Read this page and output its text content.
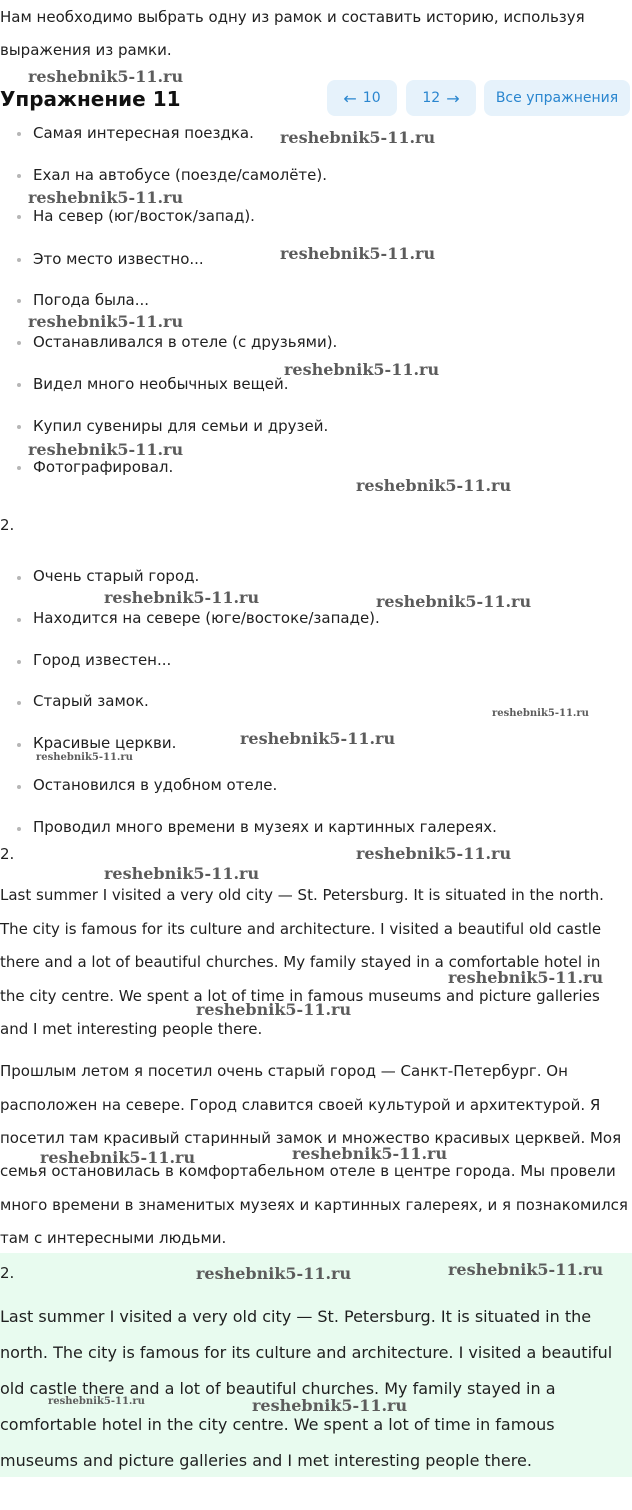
Нам необходимо выбрать одну из рамок и составить историю, используя
выражения из рамки.
Упражнение 11	← 10	12 →	Все упражнения
Самая интересная поездка.
Ехал на автобусе (поезде/самолёте).
На север (юг/восток/запад).
Это место известно...
Погода была...
Останавливался в отеле (с друзьями).
Видел много необычных вещей.
Купил сувениры для семьи и друзей.
Фотографировал.
2.
Очень старый город.
Находится на севере (юге/востоке/западе).
Город известен...
Старый замок.
Красивые церкви.
Остановился в удобном отеле.
Проводил много времени в музеях и картинных галереях.
2.
Last summer I visited a very old city — St. Petersburg. It is situated in the north.
The city is famous for its culture and architecture. I visited a beautiful old castle
there and a lot of beautiful churches. My family stayed in a comfortable hotel in
the city centre. We spent a lot of time in famous museums and picture galleries
and I met interesting people there.
Прошлым летом я посетил очень старый город — Санкт-Петербург. Он
расположен на севере. Город славится своей культурой и архитектурой. Я
посетил там красивый старинный замок и множество красивых церквей. Моя
семья остановилась в комфортабельном отеле в центре города. Мы провели
много времени в знаменитых музеях и картинных галереях, и я познакомился
там с интересными людьми.
2.
Last summer I visited a very old city — St. Petersburg. It is situated in the
north. The city is famous for its culture and architecture. I visited a beautiful
old castle there and a lot of beautiful churches. My family stayed in a
comfortable hotel in the city centre. We spent a lot of time in famous
museums and picture galleries and I met interesting people there.
reshebnik5-11.ru
reshebnik5-11.ru
reshebnik5-11.ru
reshebnik5-11.ru
reshebnik5-11.ru
reshebnik5-11.ru
reshebnik5-11.ru
reshebnik5-11.ru
reshebnik5-11.ru	reshebnik5-11.ru
reshebnik5-11.ru
reshebnik5-11.ru
reshebnik5-11.ru
reshebnik5-11.ru
reshebnik5-11.ru
reshebnik5-11.ru
reshebnik5-11.ru
reshebnik5-11.ru	reshebnik5-11.ru
reshebnik5-11.ru	reshebnik5-11.ru
reshebnik5-11.ru	reshebnik5-11.ru
